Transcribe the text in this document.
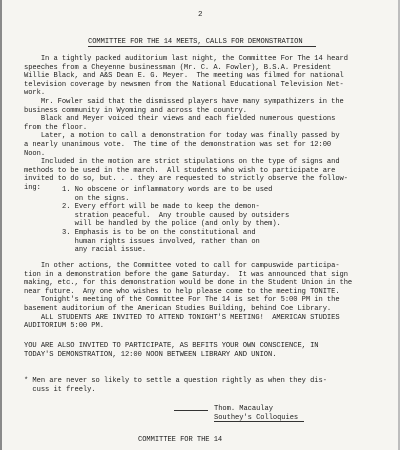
2
COMMITTEE FOR THE 14 MEETS, CALLS FOR DEMONSTRATION
In a tightly packed auditorium last night, the Committee For The 14 heard
speeches from a Cheyenne businessman (Mr. C. A. Fowler), B.S.A. President
Willie Black, and A&S Dean E. G. Meyer.  The meeting was filmed for national
television coverage by newsmen from the National Educational Television Net-
work.
Mr. Fowler said that the dismissed players have many sympathizers in the
business community in Wyoming and across the country.
Black and Meyer voiced their views and each fielded numerous questions
from the floor.
Later, a motion to call a demonstration for today was finally passed by
a nearly unanimous vote.  The time of the demonstration was set for 12:00
Noon.
Included in the motion are strict stipulations on the type of signs and
methods to be used in the march.  All students who wish to participate are
invited to do so, but. . . they are requested to strictly observe the follow-
ing:	1. No obscene or inflammatory words are to be used
on the signs.
2. Every effort will be made to keep the demon-
stration peaceful.  Any trouble caused by outsiders
will be handled by the police (and only by them).
3. Emphasis is to be on the constitutional and
human rights issues involved, rather than on
any racial issue.
In other actions, the Committee voted to call for campuswide participa-
tion in a demonstration before the game Saturday.  It was announced that sign
making, etc., for this demonstration would be done in the Student Union in the
near future.  Any one who wishes to help please come to the meeting TONITE.
Tonight's meeting of the Committee For The 14 is set for 5:00 PM in the
basement auditorium of the American Studies Building, behind Coe Library.
ALL STUDENTS ARE INVITED TO ATTEND TONIGHT'S MEETING!  AMERICAN STUDIES
AUDITORIUM 5:00 PM.
YOU ARE ALSO INVITED TO PARTICIPATE, AS BEFITS YOUR OWN CONSCIENCE, IN
TODAY'S DEMONSTRATION, 12:00 NOON BETWEEN LIBRARY AND UNION.
* Men are never so likely to settle a question rightly as when they dis-
cuss it freely.
Thom. Macaulay
Southey's Colloquies
COMMITTEE FOR THE 14
